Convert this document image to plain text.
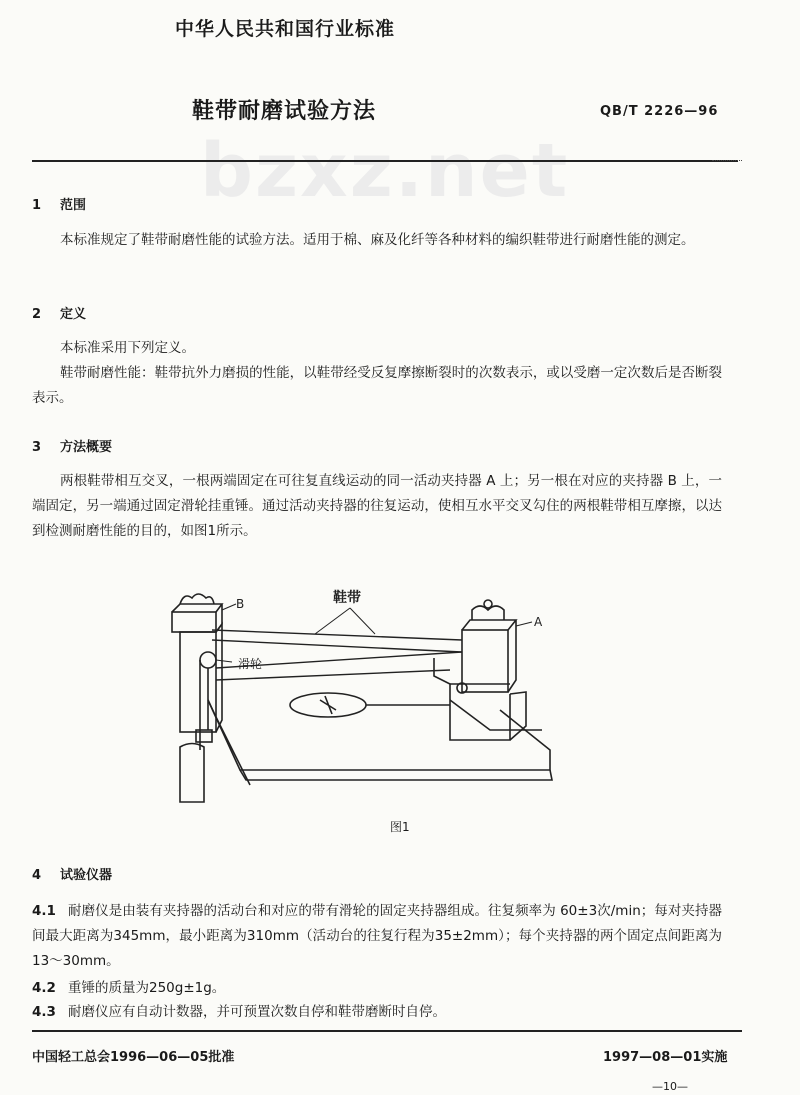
bzxz.net
中华人民共和国行业标准
鞋带耐磨试验方法	QB/T 2226—96
1 范围
本标准规定了鞋带耐磨性能的试验方法。适用于棉、麻及化纤等各种材料的编织鞋带进行耐磨性能的测定。
2 定义
本标准采用下列定义。
鞋带耐磨性能：鞋带抗外力磨损的性能，以鞋带经受反复摩擦断裂时的次数表示，或以受磨一定次数后是否断裂表示。
3 方法概要
两根鞋带相互交叉，一根两端固定在可往复直线运动的同一活动夹持器 A 上；另一根在对应的夹持器 B 上，一端固定，另一端通过固定滑轮挂重锤。通过活动夹持器的往复运动，使相互水平交叉勾住的两根鞋带相互摩擦，以达到检测耐磨性能的目的，如图1所示。
鞋带
滑轮
B
A
图1
4 试验仪器
4.1 耐磨仪是由装有夹持器的活动台和对应的带有滑轮的固定夹持器组成。往复频率为 60±3次/min；每对夹持器间最大距离为345mm，最小距离为310mm（活动台的往复行程为35±2mm）；每个夹持器的两个固定点间距离为13～30mm。
4.2 重锤的质量为250g±1g。
4.3 耐磨仪应有自动计数器，并可预置次数自停和鞋带磨断时自停。
中国轻工总会1996—06—05批准	1997—08—01实施
—10—
